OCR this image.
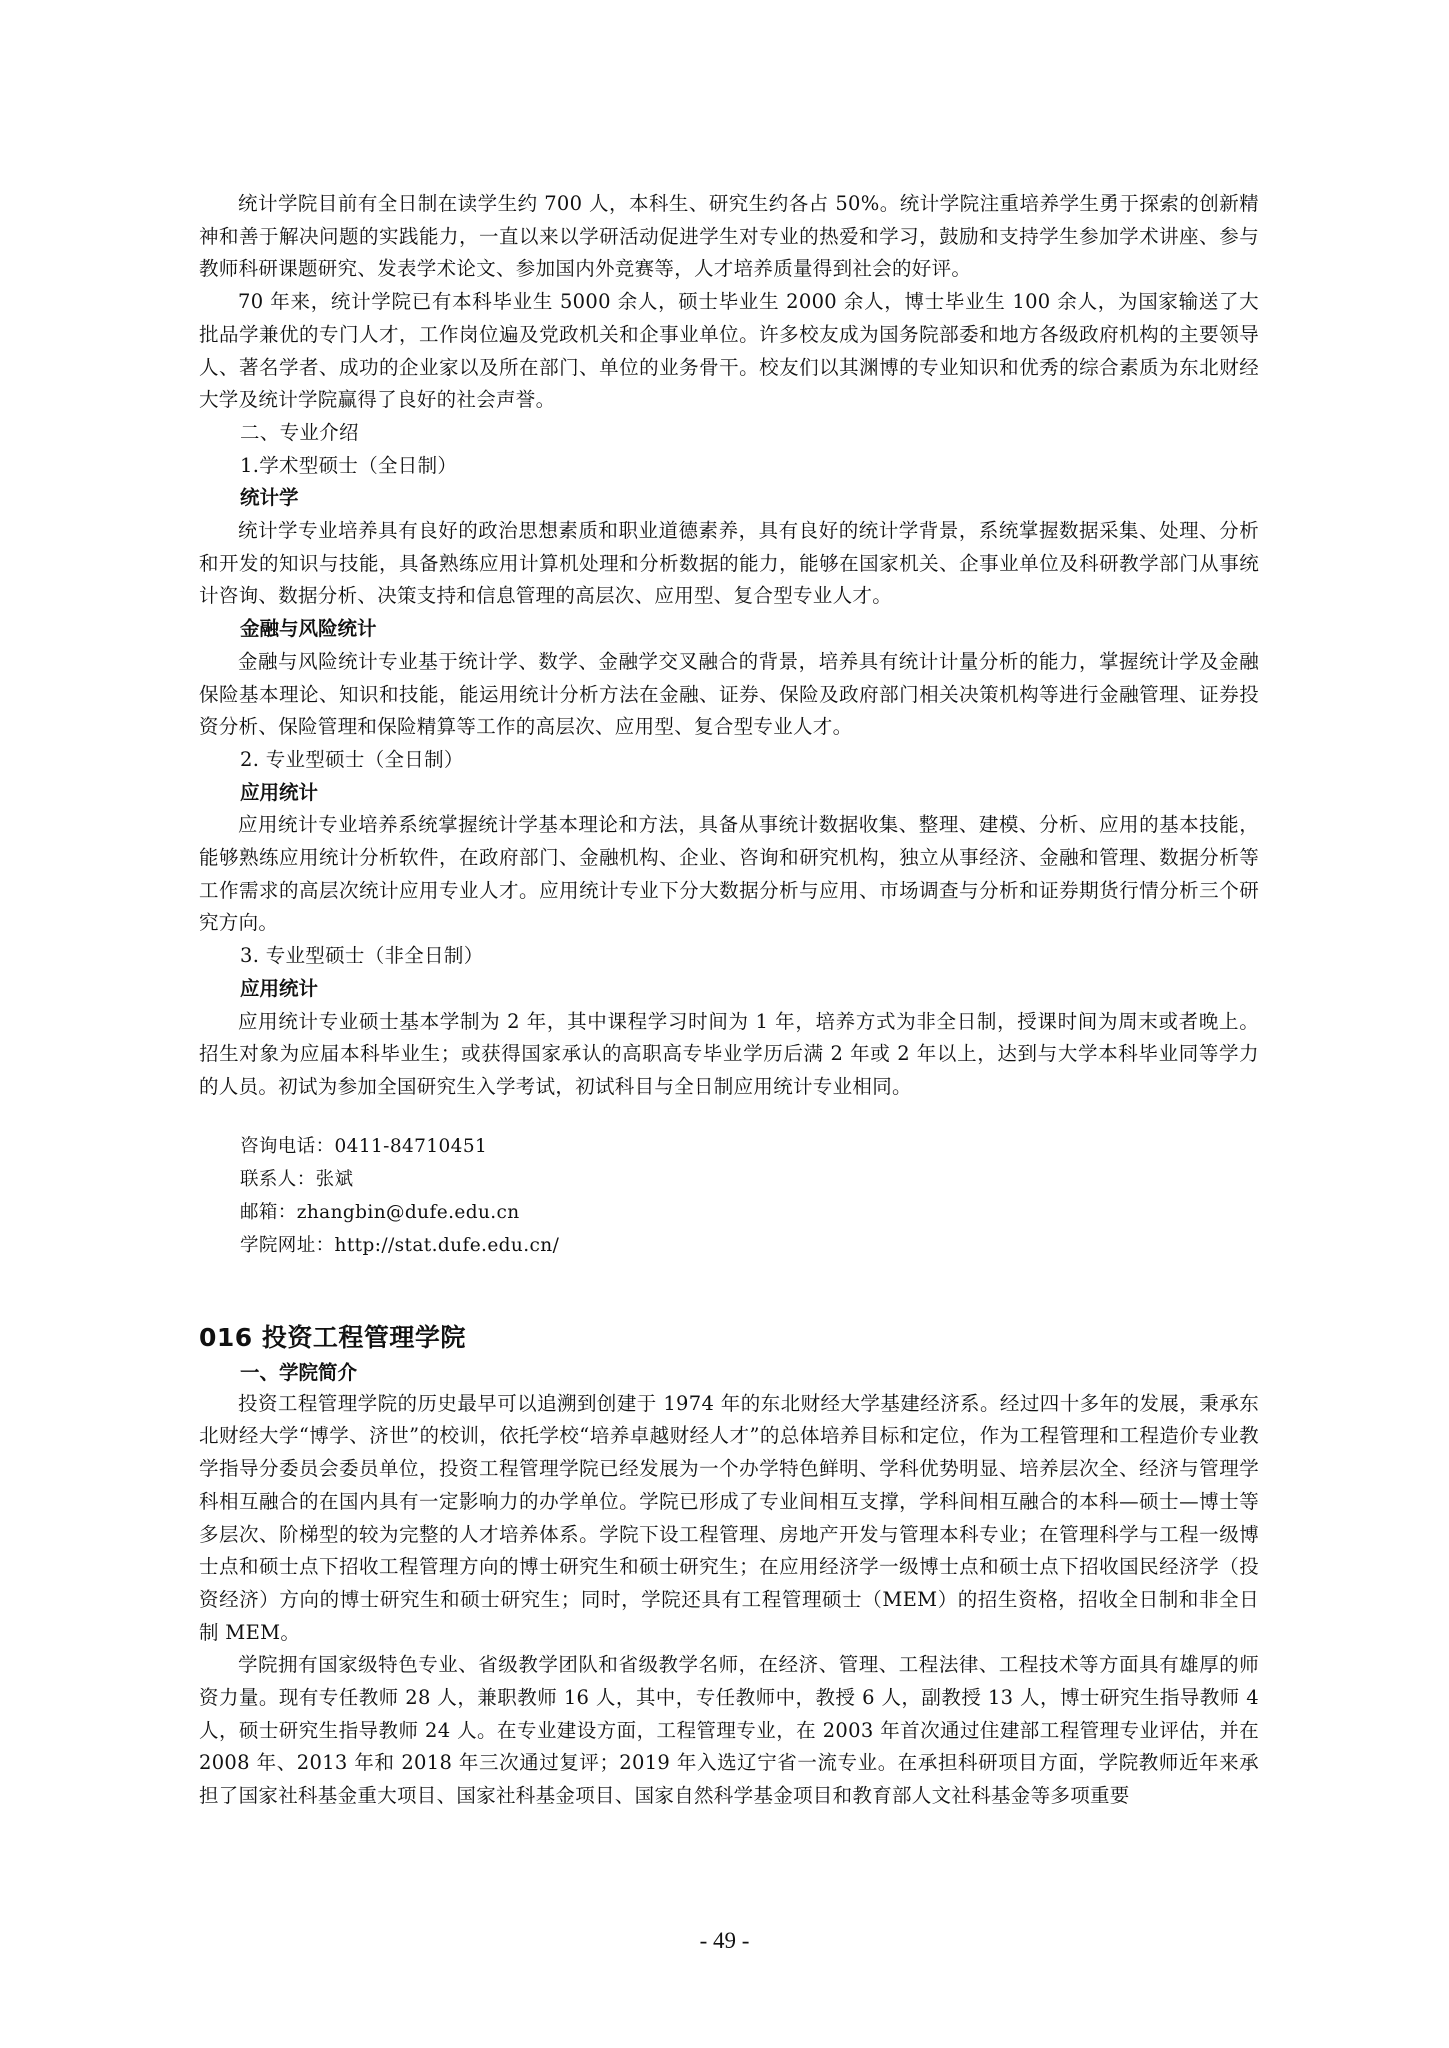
统计学院目前有全日制在读学生约 700 人，本科生、研究生约各占 50%。统计学院注重培养学生勇于探索的创新精神和善于解决问题的实践能力，一直以来以学研活动促进学生对专业的热爱和学习，鼓励和支持学生参加学术讲座、参与教师科研课题研究、发表学术论文、参加国内外竞赛等，人才培养质量得到社会的好评。

70 年来，统计学院已有本科毕业生 5000 余人，硕士毕业生 2000 余人，博士毕业生 100 余人，为国家输送了大批品学兼优的专门人才，工作岗位遍及党政机关和企事业单位。许多校友成为国务院部委和地方各级政府机构的主要领导人、著名学者、成功的企业家以及所在部门、单位的业务骨干。校友们以其渊博的专业知识和优秀的综合素质为东北财经大学及统计学院赢得了良好的社会声誉。

二、专业介绍

1.学术型硕士（全日制）

统计学

统计学专业培养具有良好的政治思想素质和职业道德素养，具有良好的统计学背景，系统掌握数据采集、处理、分析和开发的知识与技能，具备熟练应用计算机处理和分析数据的能力，能够在国家机关、企事业单位及科研教学部门从事统计咨询、数据分析、决策支持和信息管理的高层次、应用型、复合型专业人才。

金融与风险统计

金融与风险统计专业基于统计学、数学、金融学交叉融合的背景，培养具有统计计量分析的能力，掌握统计学及金融保险基本理论、知识和技能，能运用统计分析方法在金融、证券、保险及政府部门相关决策机构等进行金融管理、证券投资分析、保险管理和保险精算等工作的高层次、应用型、复合型专业人才。

2. 专业型硕士（全日制）

应用统计

应用统计专业培养系统掌握统计学基本理论和方法，具备从事统计数据收集、整理、建模、分析、应用的基本技能，能够熟练应用统计分析软件，在政府部门、金融机构、企业、咨询和研究机构，独立从事经济、金融和管理、数据分析等工作需求的高层次统计应用专业人才。应用统计专业下分大数据分析与应用、市场调查与分析和证券期货行情分析三个研究方向。

3. 专业型硕士（非全日制）

应用统计

应用统计专业硕士基本学制为 2 年，其中课程学习时间为 1 年，培养方式为非全日制，授课时间为周末或者晚上。招生对象为应届本科毕业生；或获得国家承认的高职高专毕业学历后满 2 年或 2 年以上，达到与大学本科毕业同等学力的人员。初试为参加全国研究生入学考试，初试科目与全日制应用统计专业相同。

咨询电话：0411-84710451

联系人：张斌

邮箱：zhangbin@dufe.edu.cn

学院网址：http://stat.dufe.edu.cn/

016 投资工程管理学院

一、学院简介

投资工程管理学院的历史最早可以追溯到创建于 1974 年的东北财经大学基建经济系。经过四十多年的发展，秉承东北财经大学“博学、济世”的校训，依托学校“培养卓越财经人才”的总体培养目标和定位，作为工程管理和工程造价专业教学指导分委员会委员单位，投资工程管理学院已经发展为一个办学特色鲜明、学科优势明显、培养层次全、经济与管理学科相互融合的在国内具有一定影响力的办学单位。学院已形成了专业间相互支撑，学科间相互融合的本科—硕士—博士等多层次、阶梯型的较为完整的人才培养体系。学院下设工程管理、房地产开发与管理本科专业；在管理科学与工程一级博士点和硕士点下招收工程管理方向的博士研究生和硕士研究生；在应用经济学一级博士点和硕士点下招收国民经济学（投资经济）方向的博士研究生和硕士研究生；同时，学院还具有工程管理硕士（MEM）的招生资格，招收全日制和非全日制 MEM。

学院拥有国家级特色专业、省级教学团队和省级教学名师，在经济、管理、工程法律、工程技术等方面具有雄厚的师资力量。现有专任教师 28 人，兼职教师 16 人，其中，专任教师中，教授 6 人，副教授 13 人，博士研究生指导教师 4 人，硕士研究生指导教师 24 人。在专业建设方面，工程管理专业，在 2003 年首次通过住建部工程管理专业评估，并在 2008 年、2013 年和 2018 年三次通过复评；2019 年入选辽宁省一流专业。在承担科研项目方面，学院教师近年来承担了国家社科基金重大项目、国家社科基金项目、国家自然科学基金项目和教育部人文社科基金等多项重要

- 49 -
